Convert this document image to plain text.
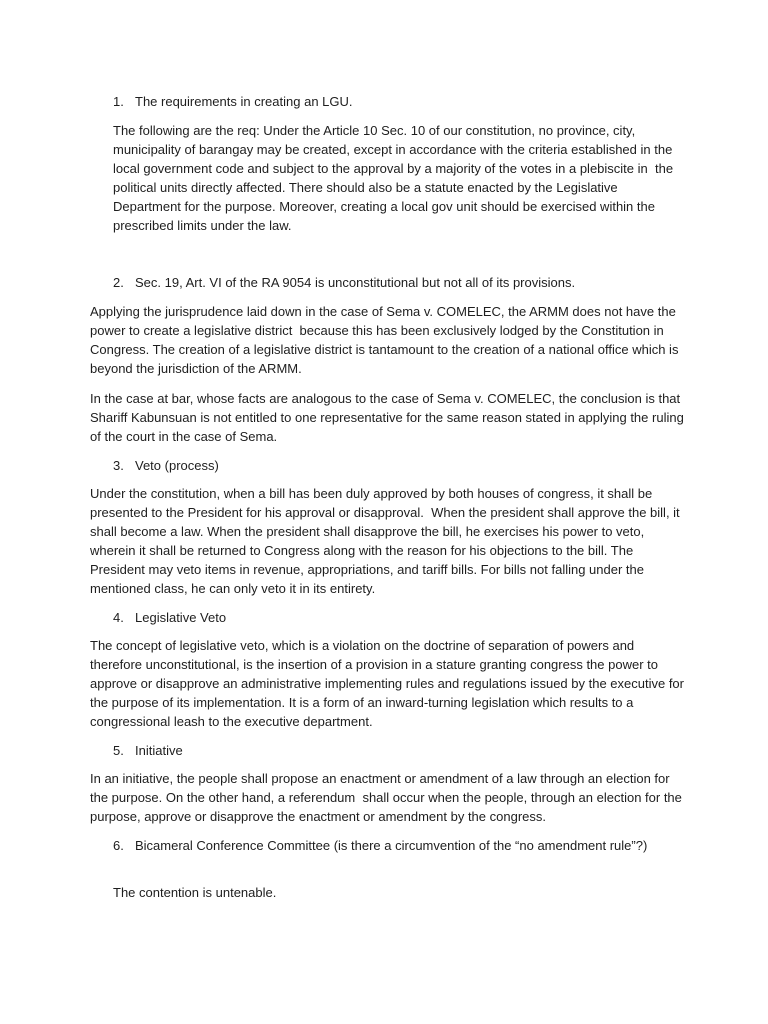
1. The requirements in creating an LGU.

The following are the req: Under the Article 10 Sec. 10 of our constitution, no province, city,

municipality of barangay may be created, except in accordance with the criteria established in the

local government code and subject to the approval by a majority of the votes in a plebiscite in  the

political units directly affected. There should also be a statute enacted by the Legislative

Department for the purpose. Moreover, creating a local gov unit should be exercised within the

prescribed limits under the law.

2. Sec. 19, Art. VI of the RA 9054 is unconstitutional but not all of its provisions.

Applying the jurisprudence laid down in the case of Sema v. COMELEC, the ARMM does not have the

power to create a legislative district  because this has been exclusively lodged by the Constitution in

Congress. The creation of a legislative district is tantamount to the creation of a national office which is

beyond the jurisdiction of the ARMM.

In the case at bar, whose facts are analogous to the case of Sema v. COMELEC, the conclusion is that

Shariff Kabunsuan is not entitled to one representative for the same reason stated in applying the ruling

of the court in the case of Sema.

3. Veto (process)

Under the constitution, when a bill has been duly approved by both houses of congress, it shall be

presented to the President for his approval or disapproval.  When the president shall approve the bill, it

shall become a law. When the president shall disapprove the bill, he exercises his power to veto,

wherein it shall be returned to Congress along with the reason for his objections to the bill. The

President may veto items in revenue, appropriations, and tariff bills. For bills not falling under the

mentioned class, he can only veto it in its entirety.

4. Legislative Veto

The concept of legislative veto, which is a violation on the doctrine of separation of powers and

therefore unconstitutional, is the insertion of a provision in a stature granting congress the power to

approve or disapprove an administrative implementing rules and regulations issued by the executive for

the purpose of its implementation. It is a form of an inward-turning legislation which results to a

congressional leash to the executive department.

5. Initiative

In an initiative, the people shall propose an enactment or amendment of a law through an election for

the purpose. On the other hand, a referendum  shall occur when the people, through an election for the

purpose, approve or disapprove the enactment or amendment by the congress.

6. Bicameral Conference Committee (is there a circumvention of the “no amendment rule”?)

The contention is untenable.
